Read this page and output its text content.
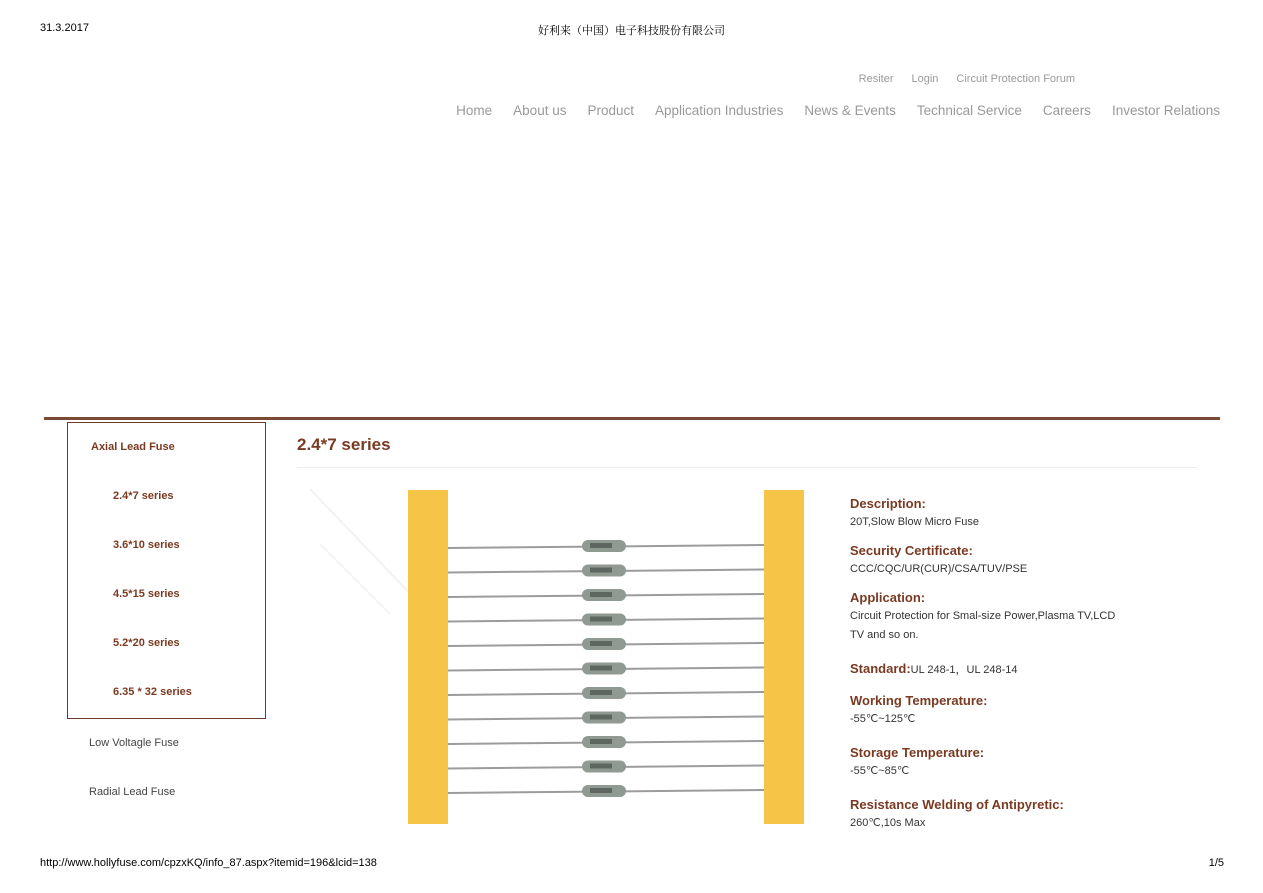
31.3.2017	好利来（中国）电子科技股份有限公司
Resiter Login Circuit Protection Forum
Home About us Product Application Industries News & Events Technical Service Careers Investor Relations
Axial Lead Fuse
2.4*7 series
3.6*10 series
4.5*15 series
5.2*20 series
6.35 * 32 series
Low Voltagle Fuse
Radial Lead Fuse
2.4*7 series
Description:
20T,Slow Blow Micro Fuse
Security Certificate:
CCC/CQC/UR(CUR)/CSA/TUV/PSE
Application:
Circuit Protection for Smal-size Power,Plasma TV,LCD
TV and so on.
Standard:UL 248-1，UL 248-14
Working Temperature:
-55℃~125℃
Storage Temperature:
-55℃~85℃
Resistance Welding of Antipyretic:
260℃,10s Max
http://www.hollyfuse.com/cpzxKQ/info_87.aspx?itemid=196&lcid=138	1/5
